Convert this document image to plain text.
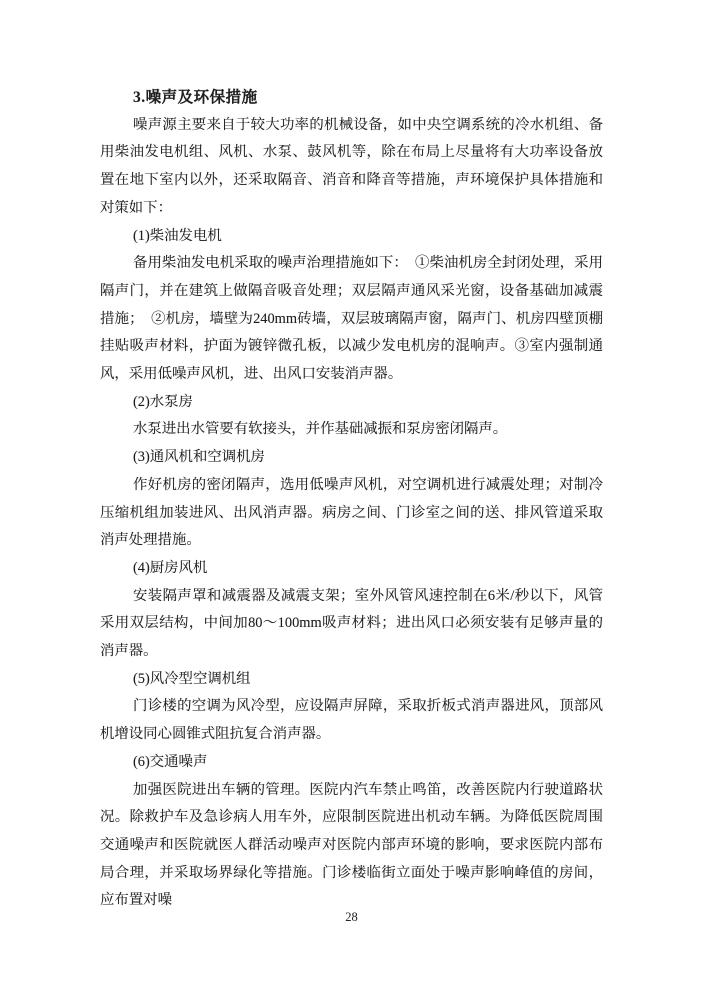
3.噪声及环保措施

噪声源主要来自于较大功率的机械设备，如中央空调系统的冷水机组、备用柴油发电机组、风机、水泵、鼓风机等，除在布局上尽量将有大功率设备放置在地下室内以外，还采取隔音、消音和降音等措施，声环境保护具体措施和对策如下：

(1)柴油发电机

备用柴油发电机采取的噪声治理措施如下：　①柴油机房全封闭处理，采用隔声门，并在建筑上做隔音吸音处理；双层隔声通风采光窗，设备基础加减震措施；　②机房，墙壁为240mm砖墙，双层玻璃隔声窗，隔声门、机房四壁顶棚挂贴吸声材料，护面为镀锌微孔板，以减少发电机房的混响声。③室内强制通风，采用低噪声风机，进、出风口安装消声器。

(2)水泵房

水泵进出水管要有软接头，并作基础减振和泵房密闭隔声。

(3)通风机和空调机房

作好机房的密闭隔声，选用低噪声风机，对空调机进行减震处理；对制冷压缩机组加装进风、出风消声器。病房之间、门诊室之间的送、排风管道采取消声处理措施。

(4)厨房风机

安装隔声罩和减震器及减震支架；室外风管风速控制在6米/秒以下，风管采用双层结构，中间加80～100mm吸声材料；进出风口必须安装有足够声量的消声器。

(5)风冷型空调机组

门诊楼的空调为风冷型，应设隔声屏障，采取折板式消声器进风，顶部风机增设同心圆锥式阻抗复合消声器。

(6)交通噪声

加强医院进出车辆的管理。医院内汽车禁止鸣笛，改善医院内行驶道路状况。除救护车及急诊病人用车外，应限制医院进出机动车辆。为降低医院周围交通噪声和医院就医人群活动噪声对医院内部声环境的影响，要求医院内部布局合理，并采取场界绿化等措施。门诊楼临街立面处于噪声影响峰值的房间，应布置对噪

28
